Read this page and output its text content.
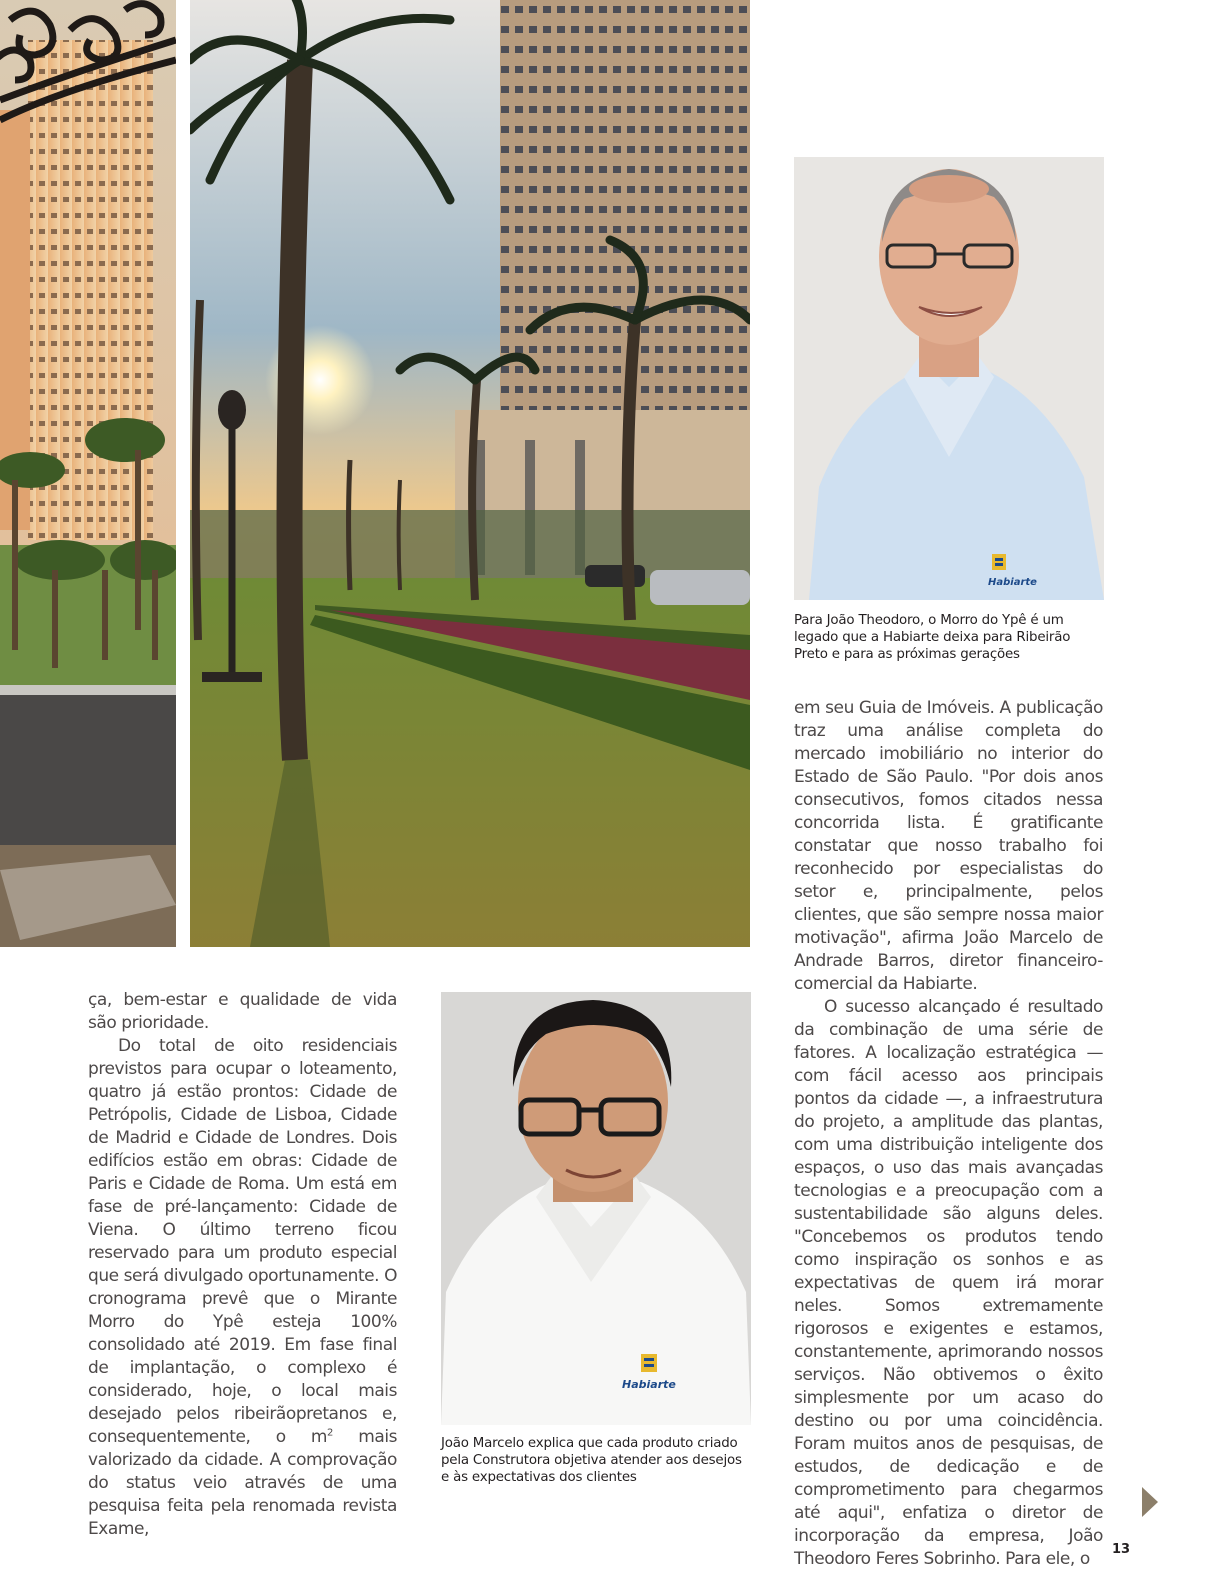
Habiarte

Para João Theodoro, o Morro do Ypê é um legado que a Habiarte deixa para Ribeirão Preto e para as próximas gerações

Habiarte

João Marcelo explica que cada produto criado pela Construtora objetiva atender aos desejos e às expectativas dos clientes

ça, bem-estar e qualidade de vida são prioridade.

Do total de oito residenciais previstos para ocupar o loteamento, quatro já estão prontos: Cidade de Petrópolis, Cidade de Lisboa, Cidade de Madrid e Cidade de Londres. Dois edifícios estão em obras: Cidade de Paris e Cidade de Roma. Um está em fase de pré-lançamento: Cidade de Viena. O último terreno ficou reservado para um produto especial que será divulgado oportunamente. O cronograma prevê que o Mirante Morro do Ypê esteja 100% consolidado até 2019. Em fase final de implantação, o complexo é considerado, hoje, o local mais desejado pelos ribeirãopretanos e, consequentemente, o $m^2$ mais valorizado da cidade. A comprovação do status veio através de uma pesquisa feita pela renomada revista Exame,

em seu Guia de Imóveis. A publicação traz uma análise completa do mercado imobiliário no interior do Estado de São Paulo. "Por dois anos consecutivos, fomos citados nessa concorrida lista. É gratificante constatar que nosso trabalho foi reconhecido por especialistas do setor e, principalmente, pelos clientes, que são sempre nossa maior motivação", afirma João Marcelo de Andrade Barros, diretor financeiro-comercial da Habiarte.

O sucesso alcançado é resultado da combinação de uma série de fatores. A localização estratégica — com fácil acesso aos principais pontos da cidade —, a infraestrutura do projeto, a amplitude das plantas, com uma distribuição inteligente dos espaços, o uso das mais avançadas tecnologias e a preocupação com a sustentabilidade são alguns deles. "Concebemos os produtos tendo como inspiração os sonhos e as expectativas de quem irá morar neles. Somos extremamente rigorosos e exigentes e estamos, constantemente, aprimorando nossos serviços. Não obtivemos o êxito simplesmente por um acaso do destino ou por uma coincidência. Foram muitos anos de pesquisas, de estudos, de dedicação e de comprometimento para chegarmos até aqui", enfatiza o diretor de incorporação da empresa, João Theodoro Feres Sobrinho. Para ele, o	13
